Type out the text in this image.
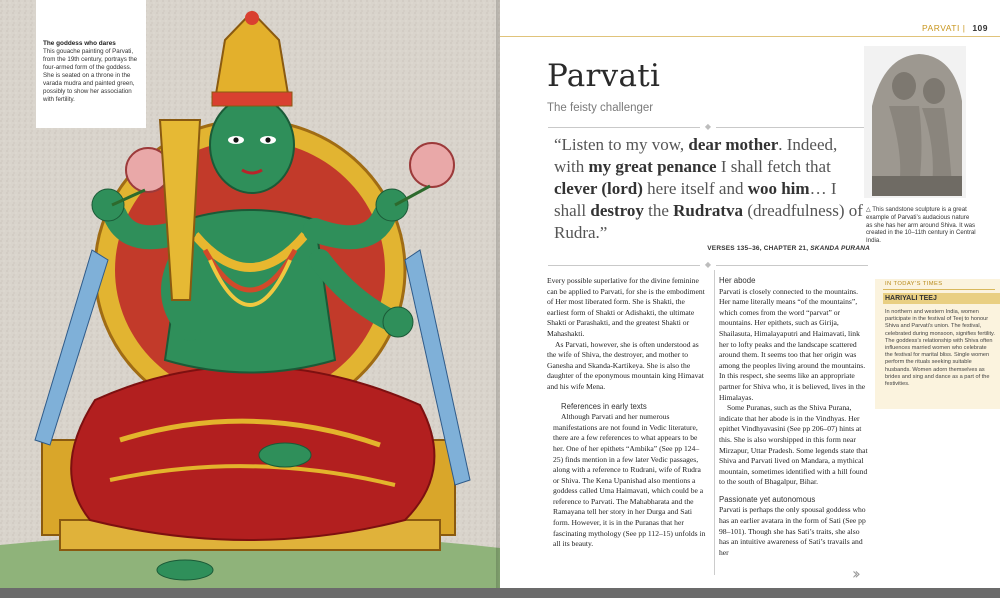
The goddess who dares
This gouache painting of Parvati, from the 19th century, portrays the four-armed form of the goddess. She is seated on a throne in the varada mudra and painted green, possibly to show her association with fertility.
PARVATI | 109
Parvati
The feisty challenger
◆
“Listen to my vow, dear mother. Indeed, with my great penance I shall fetch that clever (lord) here itself and woo him… I shall destroy the Rudratva (dreadfulness) of Rudra.”
VERSES 135–36, CHAPTER 21, SKANDA PURANA
◆
△ This sandstone sculpture is a great example of Parvati’s audacious nature as she has her arm around Shiva. It was created in the 10–11th century in Central India.

Every possible superlative for the divine feminine can be applied to Parvati, for she is the embodiment of Her most liberated form. She is Shakti, the earliest form of Shakti or Adishakti, the ultimate Shakti or Parashakti, and the greatest Shakti or Mahashakti.

As Parvati, however, she is often understood as the wife of Shiva, the destroyer, and mother to Ganesha and Skanda-Kartikeya. She is also the daughter of the eponymous mountain king Himavat and his wife Mena.

References in early texts

Although Parvati and her numerous manifestations are not found in Vedic literature, there are a few references to what appears to be her. One of her epithets “Ambika” (See pp 124–25) finds mention in a few later Vedic passages, along with a reference to Rudrani, wife of Rudra or Shiva. The Kena Upanishad also mentions a goddess called Uma Haimavati, which could be a reference to Parvati. The Mahabharata and the Ramayana tell her story in her Durga and Sati form. However, it is in the Puranas that her fascinating mythology (See pp 112–15) unfolds in all its beauty.

Her abode

Parvati is closely connected to the mountains. Her name literally means “of the mountains”, which comes from the word “parvat” or mountains. Her epithets, such as Girija, Shailasuta, Himalayaputri and Haimavati, link her to lofty peaks and the landscape scattered around them. It seems too that her origin was among the peoples living around the mountains. In this respect, she seems like an appropriate partner for Shiva who, it is believed, lives in the Himalayas.

Some Puranas, such as the Shiva Purana, indicate that her abode is in the Vindhyas. Her epithet Vindhyavasini (See pp 206–07) hints at this. She is also worshipped in this form near Mirzapur, Uttar Pradesh. Some legends state that Shiva and Parvati lived on Mandara, a mythical mountain, sometimes identified with a hill found to the south of Bhagalpur, Bihar.

Passionate yet autonomous

Parvati is perhaps the only spousal goddess who has an earlier avatara in the form of Sati (See pp 98–101). Though she has Sati’s traits, she also has an intuitive awareness of Sati’s travails and her

››
IN TODAY’S TIMES
HARIYALI TEEJ
In northern and western India, women participate in the festival of Teej to honour Shiva and Parvati’s union. The festival, celebrated during monsoon, signifies fertility. The goddess’s relationship with Shiva often influences married women who celebrate the festival for marital bliss. Single women perform the rituals seeking suitable husbands. Women adorn themselves as brides and sing and dance as a part of the festivities.
